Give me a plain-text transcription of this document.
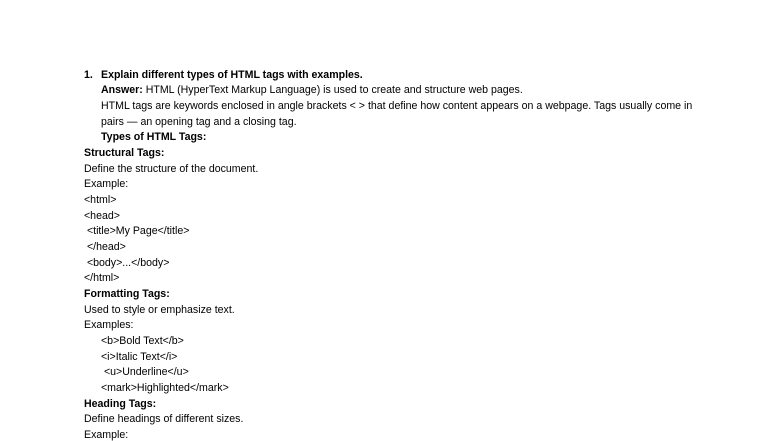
1. Explain different types of HTML tags with examples.
Answer: HTML (HyperText Markup Language) is used to create and structure web pages.
HTML tags are keywords enclosed in angle brackets < > that define how content appears on a webpage. Tags usually come in
pairs — an opening tag and a closing tag.
Types of HTML Tags:
Structural Tags:
Define the structure of the document.
Example:
<html>
<head>
<title>My Page</title>
</head>
<body>...</body>
</html>
Formatting Tags:
Used to style or emphasize text.
Examples:
<b>Bold Text</b>
<i>Italic Text</i>
<u>Underline</u>
<mark>Highlighted</mark>
Heading Tags:
Define headings of different sizes.
Example:
